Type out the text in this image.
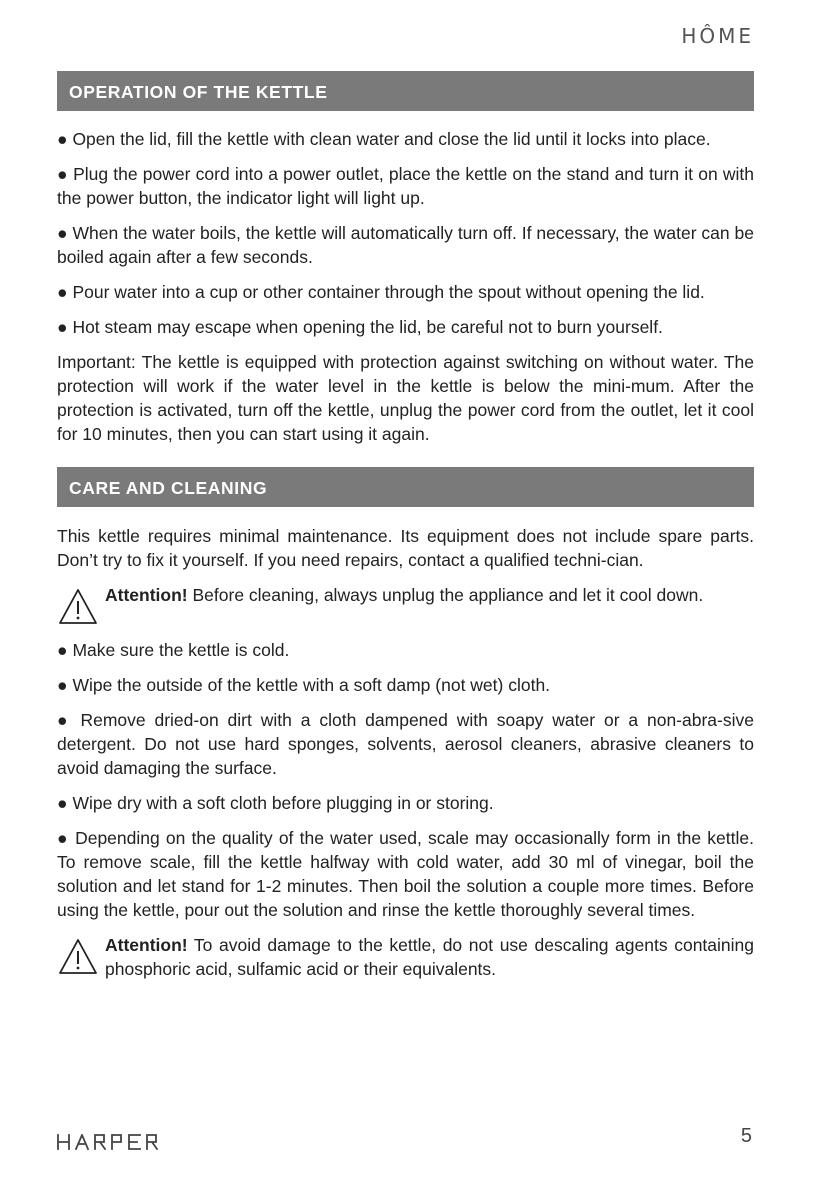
HÔME
OPERATION OF THE KETTLE

● Open the lid, fill the kettle with clean water and close the lid until it locks into place.

● Plug the power cord into a power outlet, place the kettle on the stand and turn it on with the power button, the indicator light will light up.

● When the water boils, the kettle will automatically turn off. If necessary, the water can be boiled again after a few seconds.

● Pour water into a cup or other container through the spout without opening the lid.

● Hot steam may escape when opening the lid, be careful not to burn yourself.

Important: The kettle is equipped with protection against switching on without water. The protection will work if the water level in the kettle is below the mini-mum. After the protection is activated, turn off the kettle, unplug the power cord from the outlet, let it cool for 10 minutes, then you can start using it again.

CARE AND CLEANING

This kettle requires minimal maintenance. Its equipment does not include spare parts. Don’t try to fix it yourself. If you need repairs, contact a qualified techni-cian.

Attention! Before cleaning, always unplug the appliance and let it cool down.

● Make sure the kettle is cold.

● Wipe the outside of the kettle with a soft damp (not wet) cloth.

● Remove dried-on dirt with a cloth dampened with soapy water or a non-abra-sive detergent. Do not use hard sponges, solvents, aerosol cleaners, abrasive cleaners to avoid damaging the surface.

● Wipe dry with a soft cloth before plugging in or storing.

● Depending on the quality of the water used, scale may occasionally form in the kettle. To remove scale, fill the kettle halfway with cold water, add 30 ml of vinegar, boil the solution and let stand for 1-2 minutes. Then boil the solution a couple more times. Before using the kettle, pour out the solution and rinse the kettle thoroughly several times.

Attention! To avoid damage to the kettle, do not use descaling agents containing phosphoric acid, sulfamic acid or their equivalents.

5
